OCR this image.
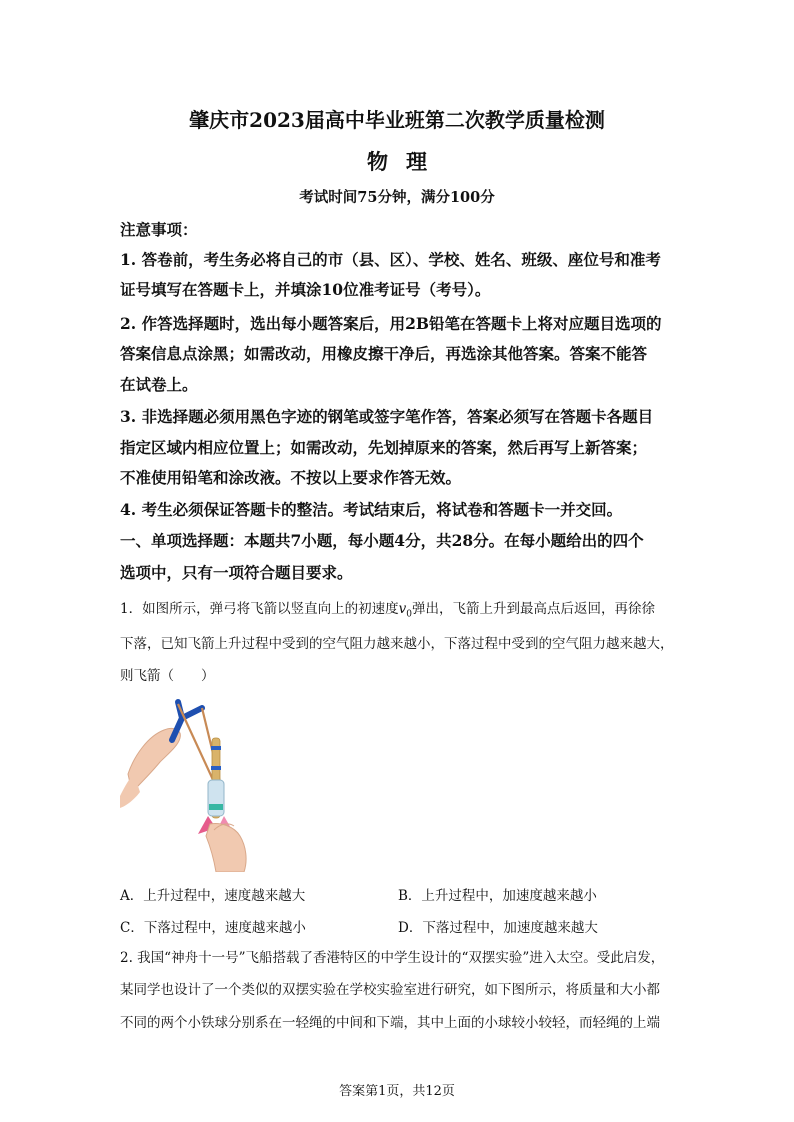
肇庆市2023届高中毕业班第二次教学质量检测
物理
考试时间75分钟，满分100分
注意事项：
1. 答卷前，考生务必将自己的市（县、区）、学校、姓名、班级、座位号和准考
证号填写在答题卡上，并填涂10位准考证号（考号）。
2. 作答选择题时，选出每小题答案后，用2B铅笔在答题卡上将对应题目选项的
答案信息点涂黑；如需改动，用橡皮擦干净后，再选涂其他答案。答案不能答
在试卷上。
3. 非选择题必须用黑色字迹的钢笔或签字笔作答，答案必须写在答题卡各题目
指定区域内相应位置上；如需改动，先划掉原来的答案，然后再写上新答案；
不准使用铅笔和涂改液。不按以上要求作答无效。
4. 考生必须保证答题卡的整洁。考试结束后，将试卷和答题卡一并交回。
一、单项选择题：本题共7小题，每小题4分，共28分。在每小题给出的四个
选项中，只有一项符合题目要求。
1．如图所示，弹弓将飞箭以竖直向上的初速度$v_0$弹出，飞箭上升到最高点后返回，再徐徐
下落，已知飞箭上升过程中受到的空气阻力越来越小，下落过程中受到的空气阻力越来越大，
则飞箭（　　）
A．上升过程中，速度越来越大	B．上升过程中，加速度越来越小
C．下落过程中，速度越来越小	D．下落过程中，加速度越来越大
2. 我国“神舟十一号”飞船搭载了香港特区的中学生设计的“双摆实验”进入太空。受此启发，
某同学也设计了一个类似的双摆实验在学校实验室进行研究，如下图所示，将质量和大小都
不同的两个小铁球分别系在一轻绳的中间和下端，其中上面的小球较小较轻，而轻绳的上端
答案第1页，共12页
